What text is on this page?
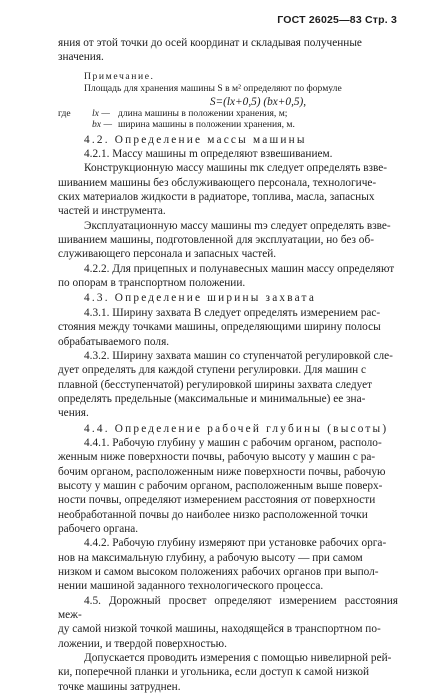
ГОСТ 26025—83 Стр. 3

яния от этой точки до осей координат и складывая полученные

значения.

Примечание.

Площадь для хранения машины S в м² определяют по формуле

S=(lx+0,5) (bx+0,5),

где	lx — длина машины в положении хранения, м;
bx — ширина машины в положении хранения, м.

4.2. Определение массы машины

4.2.1. Массу машины m определяют взвешиванием.

Конструкционную массу машины mк следует определять взве-

шиванием машины без обслуживающего персонала, технологиче-

ских материалов жидкости в радиаторе, топлива, масла, запасных

частей и инструмента.

Эксплуатационную массу машины mэ следует определять взве-

шиванием машины, подготовленной для эксплуатации, но без об-

служивающего персонала и запасных частей.

4.2.2. Для прицепных и полунавесных машин массу определяют

по опорам в транспортном положении.

4.3. Определение ширины захвата

4.3.1. Ширину захвата B следует определять измерением рас-

стояния между точками машины, определяющими ширину полосы

обрабатываемого поля.

4.3.2. Ширину захвата машин со ступенчатой регулировкой сле-

дует определять для каждой ступени регулировки. Для машин с

плавной (бесступенчатой) регулировкой ширины захвата следует

определять предельные (максимальные и минимальные) ее зна-

чения.

4.4. Определение рабочей глубины (высоты)

4.4.1. Рабочую глубину у машин с рабочим органом, располо-

женным ниже поверхности почвы, рабочую высоту у машин с ра-

бочим органом, расположенным ниже поверхности почвы, рабочую

высоту у машин с рабочим органом, расположенным выше поверх-

ности почвы, определяют измерением расстояния от поверхности

необработанной почвы до наиболее низко расположенной точки

рабочего органа.

4.4.2. Рабочую глубину измеряют при установке рабочих орга-

нов на максимальную глубину, а рабочую высоту — при самом

низком и самом высоком положениях рабочих органов при выпол-

нении машиной заданного технологического процесса.

4.5. Дорожный просвет определяют измерением расстояния меж-

ду самой низкой точкой машины, находящейся в транспортном по-

ложении, и твердой поверхностью.

Допускается проводить измерения с помощью нивелирной рей-

ки, поперечной планки и угольника, если доступ к самой низкой

точке машины затруднен.
